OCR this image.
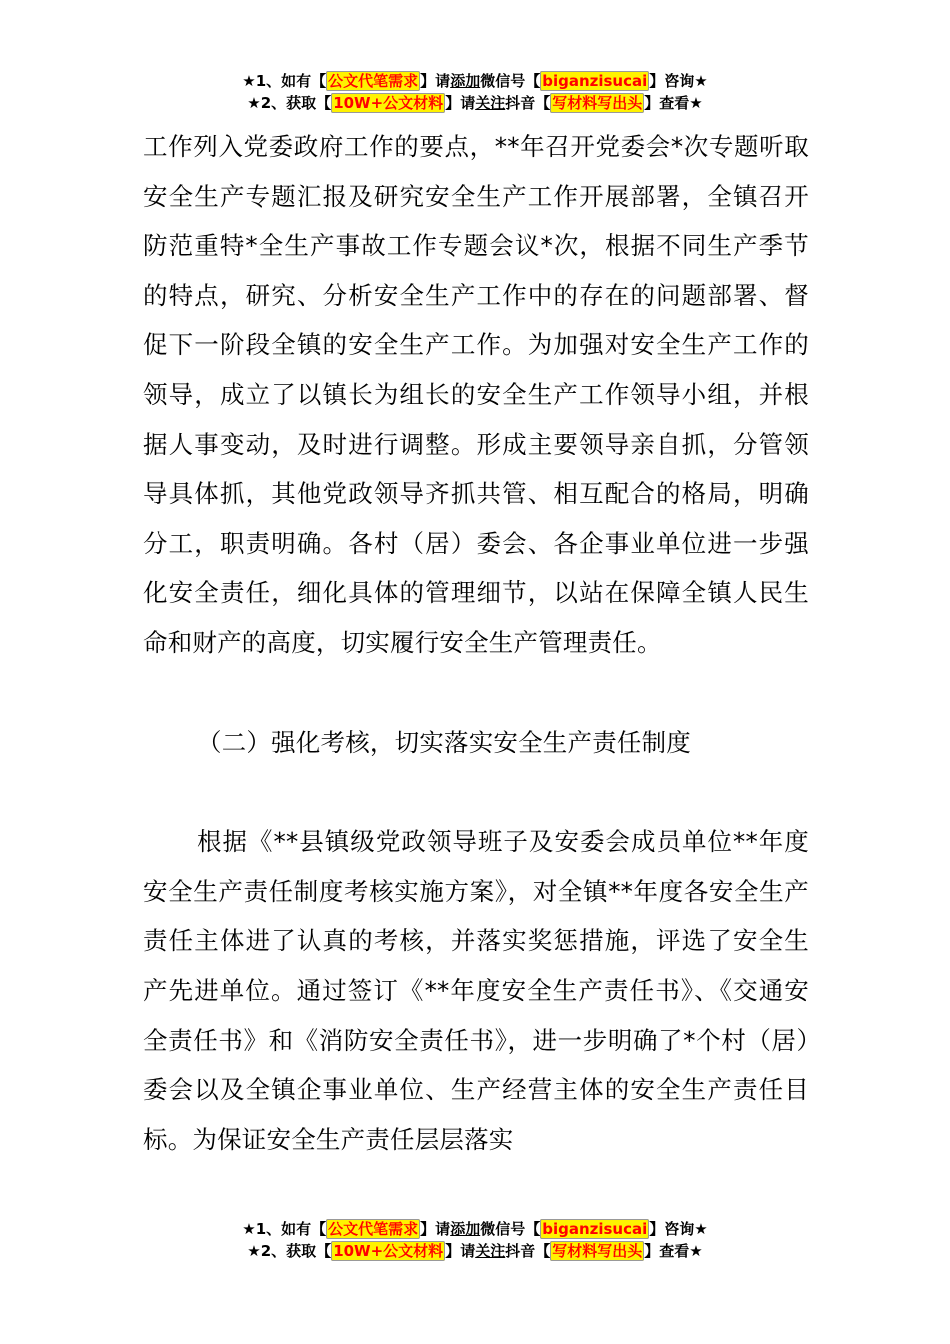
★1、如有【 公文代笔需求 】请添加微信号【 biganzisucai 】咨询★
★2、获取【 10W+公文材料 】请关注抖音【 写材料写出头 】查看★

工作列入党委政府工作的要点，**年召开党委会*次专题听取安全生产专题汇报及研究安全生产工作开展部署，全镇召开防范重特*全生产事故工作专题会议*次，根据不同生产季节的特点，研究、分析安全生产工作中的存在的问题部署、督促下一阶段全镇的安全生产工作。为加强对安全生产工作的领导，成立了以镇长为组长的安全生产工作领导小组，并根据人事变动，及时进行调整。形成主要领导亲自抓，分管领导具体抓，其他党政领导齐抓共管、相互配合的格局，明确分工，职责明确。各村（居）委会、各企事业单位进一步强化安全责任，细化具体的管理细节，以站在保障全镇人民生命和财产的高度，切实履行安全生产管理责任。

（二）强化考核，切实落实安全生产责任制度

根据《**县镇级党政领导班子及安委会成员单位**年度安全生产责任制度考核实施方案》，对全镇**年度各安全生产责任主体进了认真的考核，并落实奖惩措施，评选了安全生产先进单位。通过签订《**年度安全生产责任书》、《交通安全责任书》和《消防安全责任书》，进一步明确了*个村（居）委会以及全镇企事业单位、生产经营主体的安全生产责任目标。为保证安全生产责任层层落实

★1、如有【 公文代笔需求 】请添加微信号【 biganzisucai 】咨询★
★2、获取【 10W+公文材料 】请关注抖音【 写材料写出头 】查看★
